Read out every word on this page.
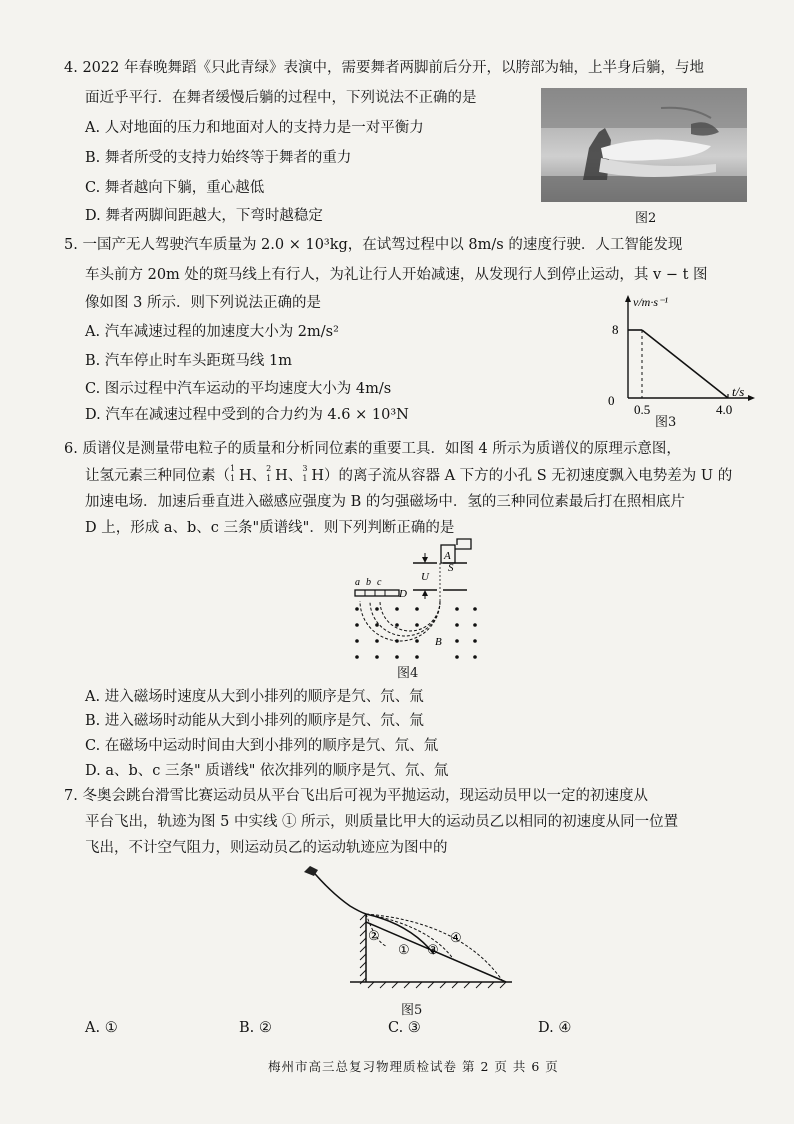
4. 2022 年春晚舞蹈《只此青绿》表演中，需要舞者两脚前后分开，以胯部为轴，上半身后躺，与地
面近乎平行．在舞者缓慢后躺的过程中，下列说法不正确的是
A. 人对地面的压力和地面对人的支持力是一对平衡力
B. 舞者所受的支持力始终等于舞者的重力
C. 舞者越向下躺，重心越低
D. 舞者两脚间距越大，下弯时越稳定	图2
5. 一国产无人驾驶汽车质量为 2.0 × 10³kg，在试驾过程中以 8m/s 的速度行驶．人工智能发现
车头前方 20m 处的斑马线上有行人，为礼让行人开始减速，从发现行人到停止运动，其 v − t 图
像如图 3 所示．则下列说法正确的是
A. 汽车减速过程的加速度大小为 2m/s²
B. 汽车停止时车头距斑马线 1m
C. 图示过程中汽车运动的平均速度大小为 4m/s
D. 汽车在减速过程中受到的合力约为 4.6 × 10³N
v/m·s⁻¹
8
0
0.5	4.0
t/s
图3
6. 质谱仪是测量带电粒子的质量和分析同位素的重要工具．如图 4 所示为质谱仪的原理示意图，
让氢元素三种同位素（ 1
1 H、 2
1 H、 3
1 H）的离子流从容器 A 下方的小孔 S 无初速度飘入电势差为 U 的
加速电场．加速后垂直进入磁感应强度为 B 的匀强磁场中．氢的三种同位素最后打在照相底片
D 上，形成 a、b、c 三条"质谱线"．则下列判断正确的是
A
U
S
a b c
D
B
图4
A. 进入磁场时速度从大到小排列的顺序是氕、氘、氚
B. 进入磁场时动能从大到小排列的顺序是氕、氘、氚
C. 在磁场中运动时间由大到小排列的顺序是氕、氘、氚
D. a、b、c 三条" 质谱线" 依次排列的顺序是氕、氘、氚
7. 冬奥会跳台滑雪比赛运动员从平台飞出后可视为平抛运动，现运动员甲以一定的初速度从
平台飞出，轨迹为图 5 中实线 ① 所示，则质量比甲大的运动员乙以相同的初速度从同一位置
飞出，不计空气阻力，则运动员乙的运动轨迹应为图中的
①
②
③
④
图5
A. ①	B. ②	C. ③	D. ④
梅州市高三总复习物理质检试卷 第 2 页 共 6 页
